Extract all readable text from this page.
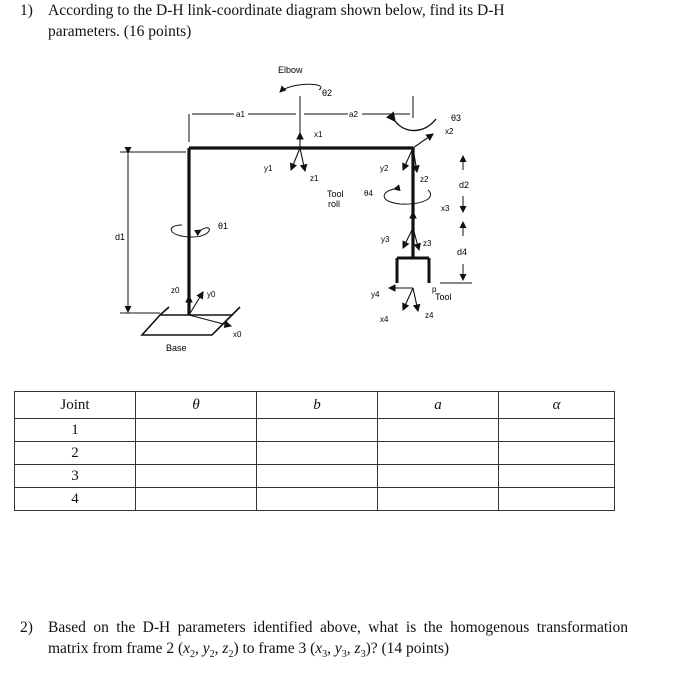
1) According to the D-H link-coordinate diagram shown below, find its D-H
parameters. (16 points)
Base
d1
a1	a2
Elbow
θ2
x1
y1
z1
θ3
x2
y2
z2
d2
Tool
roll
θ4
x3
y3	z3
d4
p
Tool
y4
x4	z4
θ1
z0	y0
x0
Joint	θ	b	a	α
1				
2				
3				
4				
2) Based on the D-H parameters identified above, what is the homogenous transformation matrix from frame 2 ($x_2$, $y_2$, $z_2$) to frame 3 ($x_3$, $y_3$, $z_3$)? (14 points)
